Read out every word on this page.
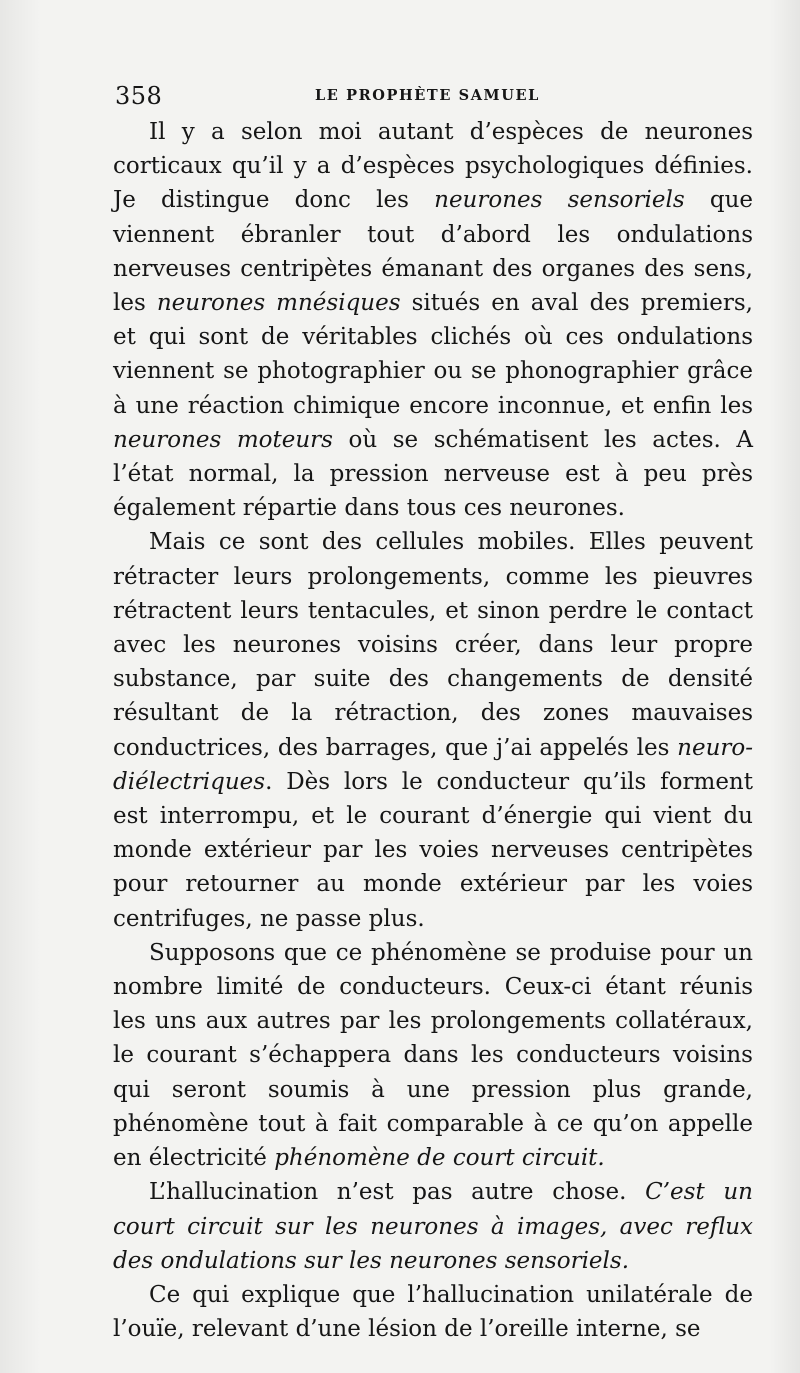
358	LE PROPHÈTE SAMUEL

Il y a selon moi autant d’espèces de neurones corticaux qu’il y a d’espèces psychologiques définies. Je distingue donc les neurones sensoriels que viennent ébranler tout d’abord les ondulations nerveuses centripètes émanant des organes des sens, les neurones mnésiques situés en aval des premiers, et qui sont de véritables clichés où ces ondulations viennent se photographier ou se phonographier grâce à une réaction chimique encore inconnue, et enfin les neurones moteurs où se schématisent les actes. A l’état normal, la pression nerveuse est à peu près également répartie dans tous ces neurones.

Mais ce sont des cellules mobiles. Elles peuvent rétracter leurs prolongements, comme les pieuvres rétractent leurs tentacules, et sinon perdre le contact avec les neurones voisins créer, dans leur propre substance, par suite des changements de densité résultant de la rétraction, des zones mauvaises conductrices, des barrages, que j’ai appelés les neuro-diélectriques. Dès lors le conducteur qu’ils forment est interrompu, et le courant d’énergie qui vient du monde extérieur par les voies nerveuses centripètes pour retourner au monde extérieur par les voies centrifuges, ne passe plus.

Supposons que ce phénomène se produise pour un nombre limité de conducteurs. Ceux-ci étant réunis les uns aux autres par les prolongements collatéraux, le courant s’échappera dans les conducteurs voisins qui seront soumis à une pression plus grande, phénomène tout à fait comparable à ce qu’on appelle en électricité phénomène de court circuit.

L’hallucination n’est pas autre chose. C’est un court circuit sur les neurones à images, avec reflux des ondulations sur les neurones sensoriels.

Ce qui explique que l’hallucination unilatérale de l’ouïe, relevant d’une lésion de l’oreille interne, se
